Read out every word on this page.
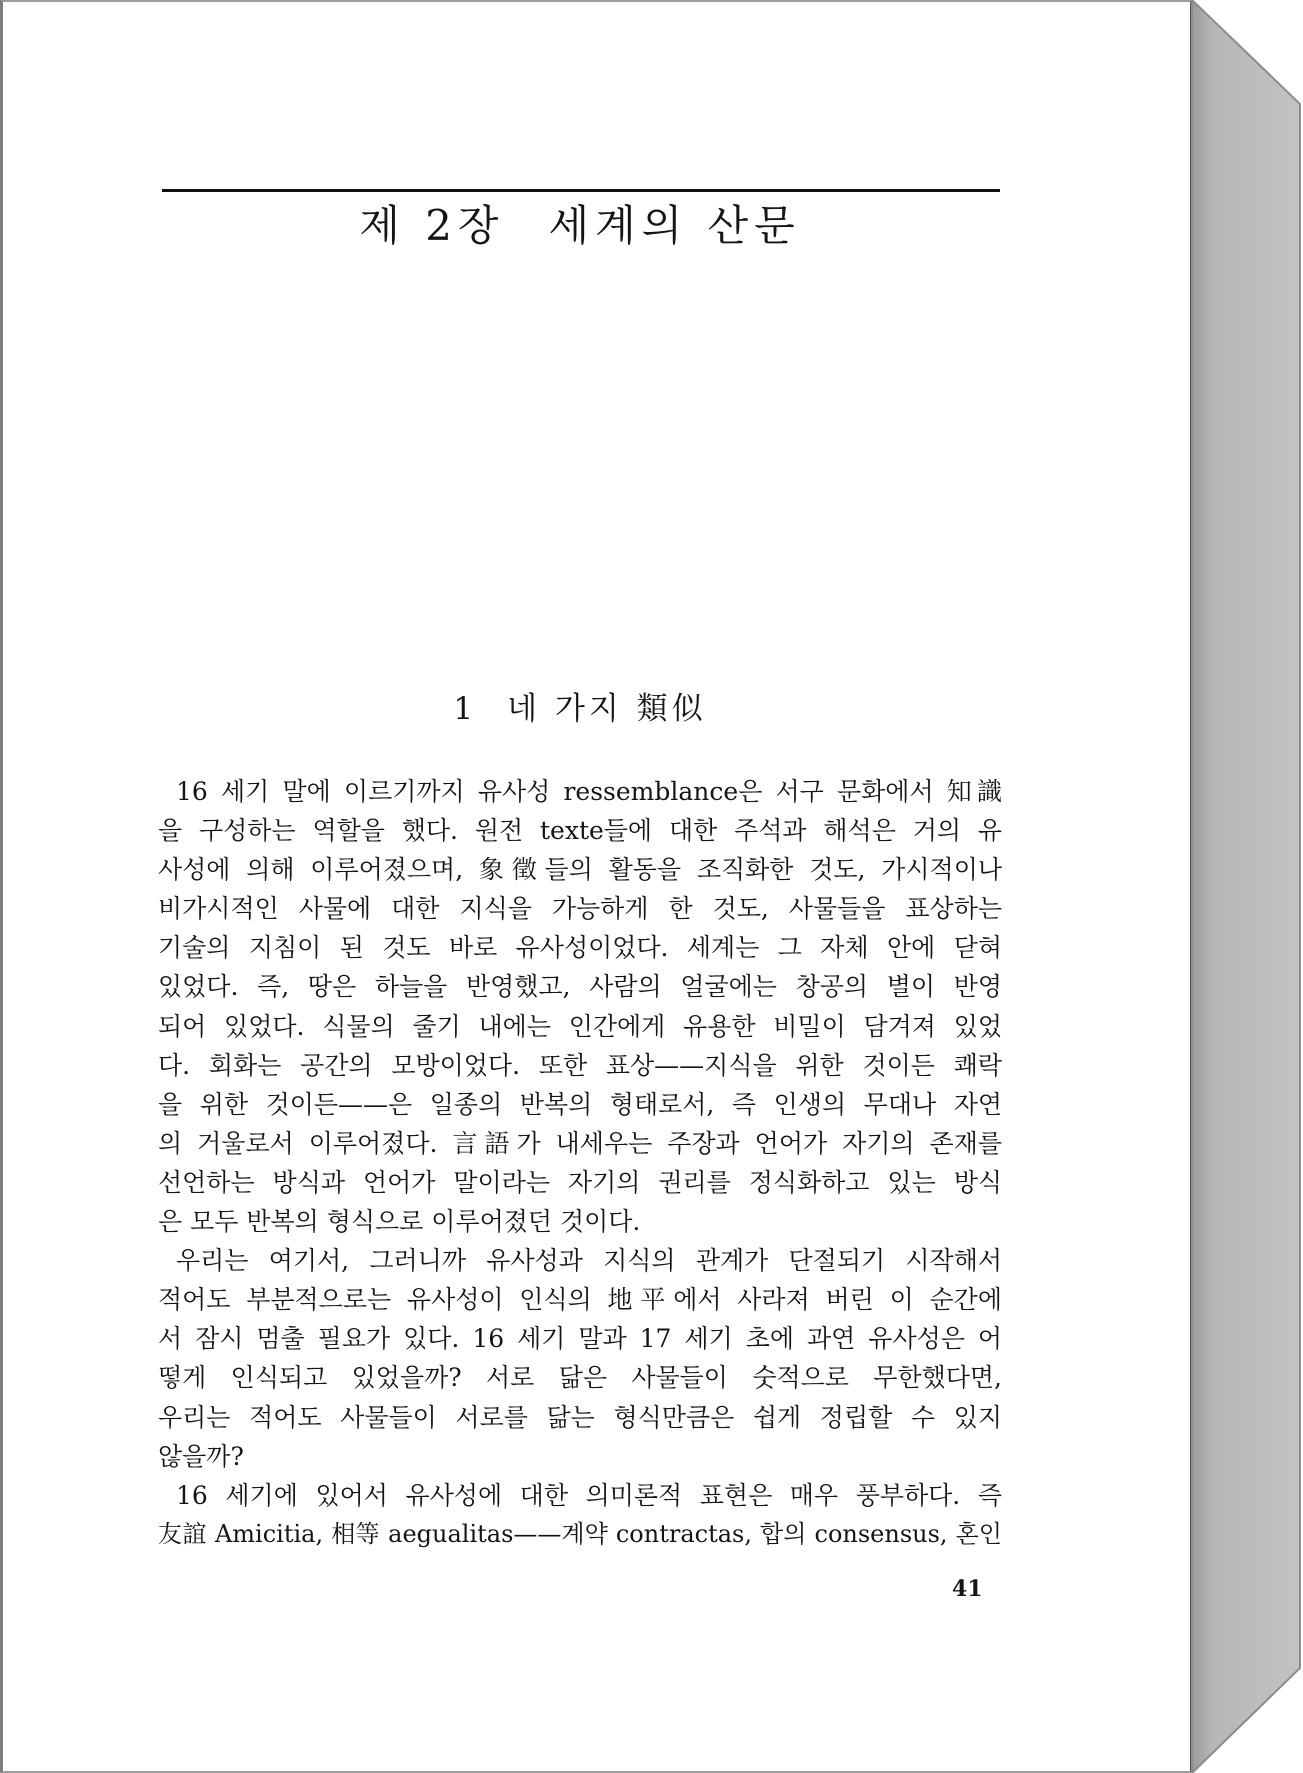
제 2장 세계의 산문
1 네 가지 類似
16 세기 말에 이르기까지 유사성 ressemblance은 서구 문화에서 知識
을 구성하는 역할을 했다. 원전 texte들에 대한 주석과 해석은 거의 유
사성에 의해 이루어졌으며, 象徵들의 활동을 조직화한 것도, 가시적이나
비가시적인 사물에 대한 지식을 가능하게 한 것도, 사물들을 표상하는
기술의 지침이 된 것도 바로 유사성이었다. 세계는 그 자체 안에 닫혀
있었다. 즉, 땅은 하늘을 반영했고, 사람의 얼굴에는 창공의 별이 반영
되어 있었다. 식물의 줄기 내에는 인간에게 유용한 비밀이 담겨져 있었
다. 회화는 공간의 모방이었다. 또한 표상——지식을 위한 것이든 쾌락
을 위한 것이든——은 일종의 반복의 형태로서, 즉 인생의 무대나 자연
의 거울로서 이루어졌다. 言語가 내세우는 주장과 언어가 자기의 존재를
선언하는 방식과 언어가 말이라는 자기의 권리를 정식화하고 있는 방식
은 모두 반복의 형식으로 이루어졌던 것이다.
우리는 여기서, 그러니까 유사성과 지식의 관계가 단절되기 시작해서
적어도 부분적으로는 유사성이 인식의 地平에서 사라져 버린 이 순간에
서 잠시 멈출 필요가 있다. 16 세기 말과 17 세기 초에 과연 유사성은 어
떻게 인식되고 있었을까? 서로 닮은 사물들이 숫적으로 무한했다면,
우리는 적어도 사물들이 서로를 닮는 형식만큼은 쉽게 정립할 수 있지
않을까?
16 세기에 있어서 유사성에 대한 의미론적 표현은 매우 풍부하다. 즉
友誼 Amicitia, 相等 aegualitas——계약 contractas, 합의 consensus, 혼인
41
